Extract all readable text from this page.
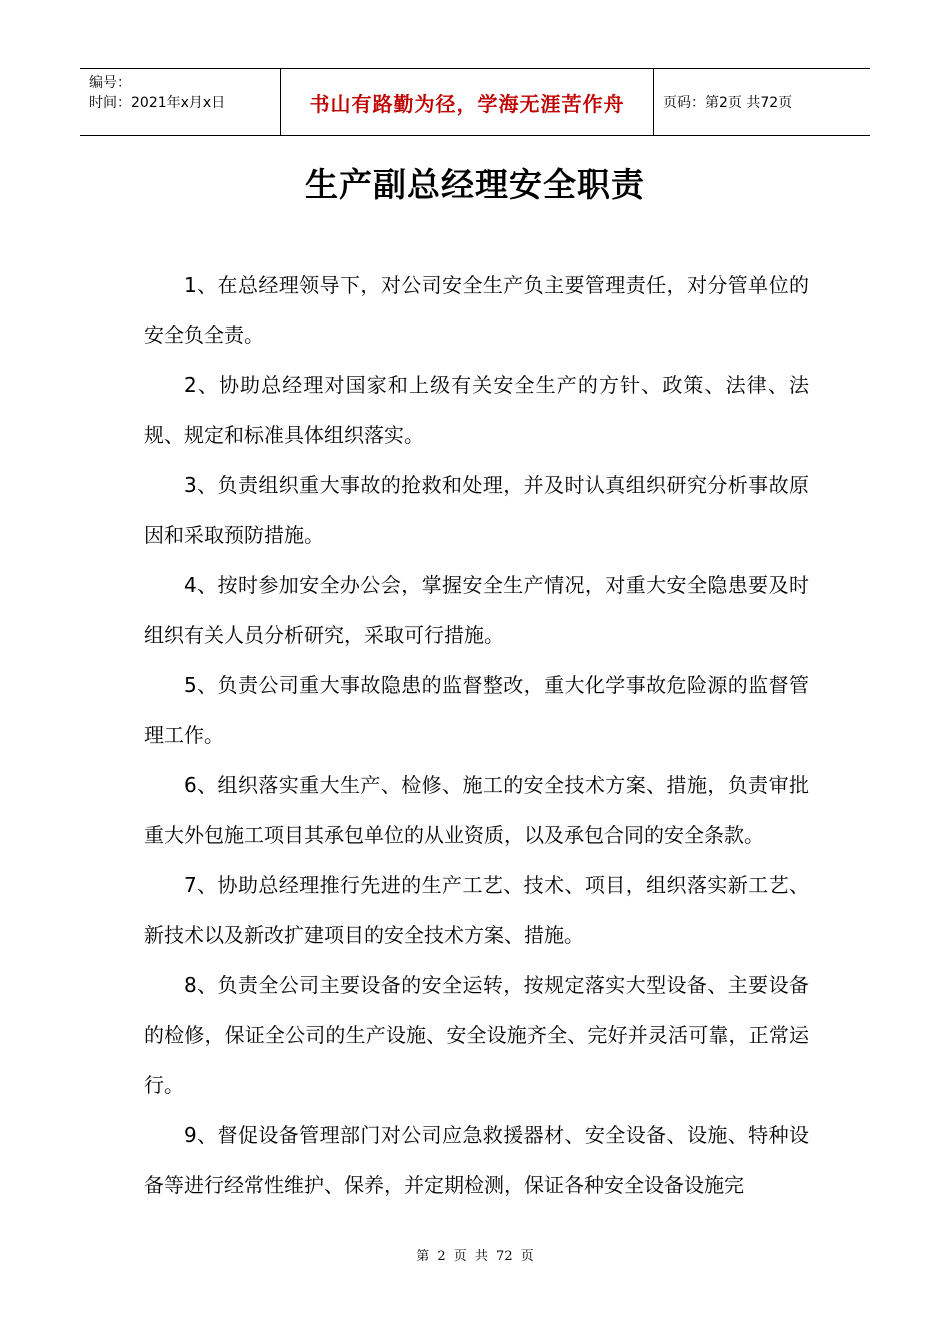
编号：
时间：2021年x月x日	书山有路勤为径，学海无涯苦作舟	页码：第2页 共72页
生产副总经理安全职责

1、在总经理领导下，对公司安全生产负主要管理责任，对分管单位的安全负全责。

2、协助总经理对国家和上级有关安全生产的方针、政策、法律、法规、规定和标准具体组织落实。

3、负责组织重大事故的抢救和处理，并及时认真组织研究分析事故原因和采取预防措施。

4、按时参加安全办公会，掌握安全生产情况，对重大安全隐患要及时组织有关人员分析研究，采取可行措施。

5、负责公司重大事故隐患的监督整改，重大化学事故危险源的监督管理工作。

6、组织落实重大生产、检修、施工的安全技术方案、措施，负责审批重大外包施工项目其承包单位的从业资质，以及承包合同的安全条款。

7、协助总经理推行先进的生产工艺、技术、项目，组织落实新工艺、新技术以及新改扩建项目的安全技术方案、措施。

8、负责全公司主要设备的安全运转，按规定落实大型设备、主要设备的检修，保证全公司的生产设施、安全设施齐全、完好并灵活可靠，正常运行。

9、督促设备管理部门对公司应急救援器材、安全设备、设施、特种设备等进行经常性维护、保养，并定期检测，保证各种安全设备设施完

第 2 页 共 72 页
